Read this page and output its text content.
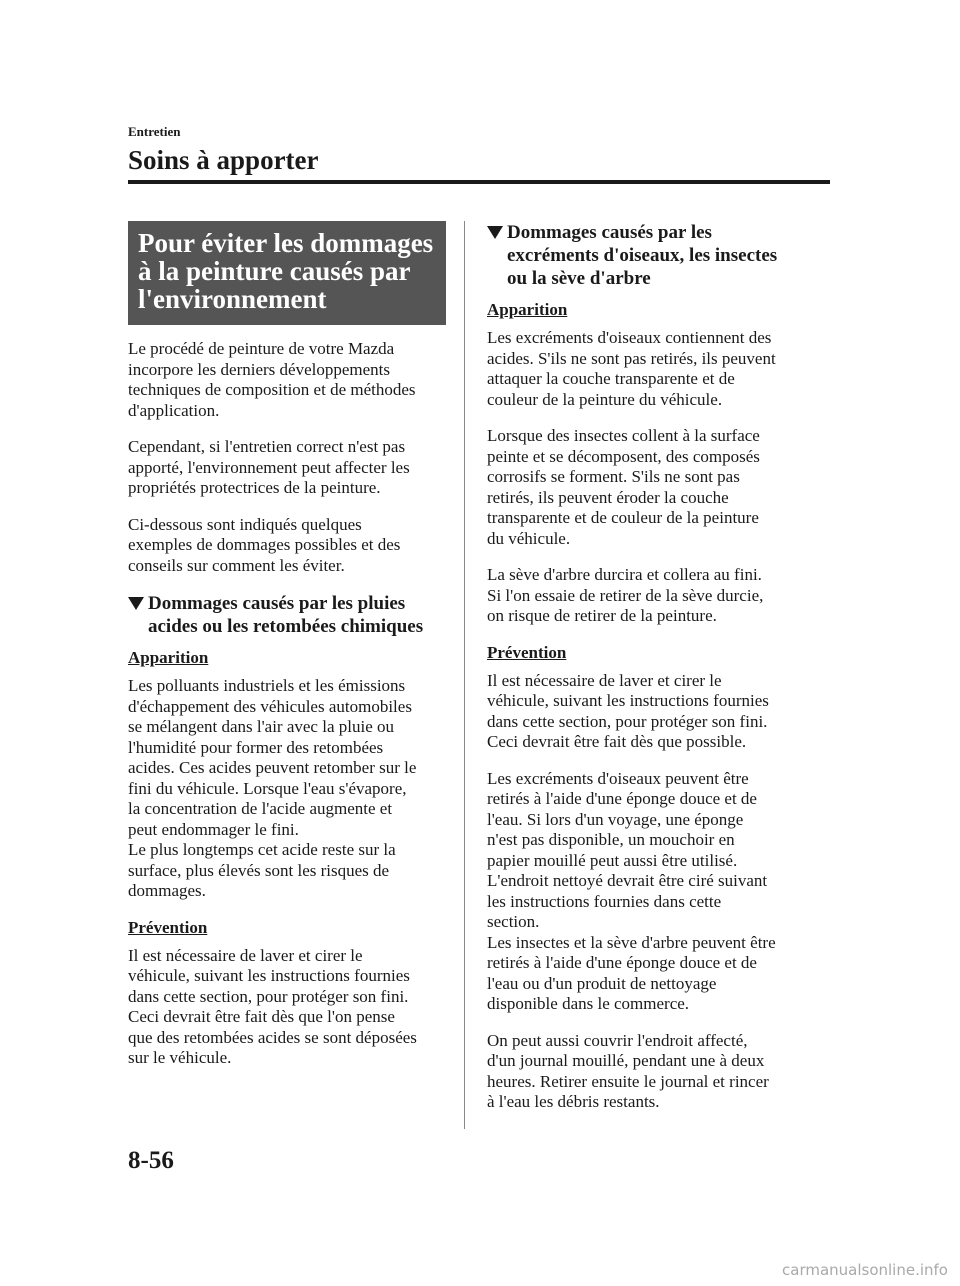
Entretien
Soins à apporter
Pour éviter les dommages
à la peinture causés par
l'environnement

Le procédé de peinture de votre Mazda
incorpore les derniers développements
techniques de composition et de méthodes
d'application.

Cependant, si l'entretien correct n'est pas
apporté, l'environnement peut affecter les
propriétés protectrices de la peinture.

Ci-dessous sont indiqués quelques
exemples de dommages possibles et des
conseils sur comment les éviter.

Dommages causés par les pluies
acides ou les retombées chimiques
Apparition

Les polluants industriels et les émissions
d'échappement des véhicules automobiles
se mélangent dans l'air avec la pluie ou
l'humidité pour former des retombées
acides. Ces acides peuvent retomber sur le
fini du véhicule. Lorsque l'eau s'évapore,
la concentration de l'acide augmente et
peut endommager le fini.
Le plus longtemps cet acide reste sur la
surface, plus élevés sont les risques de
dommages.

Prévention

Il est nécessaire de laver et cirer le
véhicule, suivant les instructions fournies
dans cette section, pour protéger son fini.
Ceci devrait être fait dès que l'on pense
que des retombées acides se sont déposées
sur le véhicule.

Dommages causés par les
excréments d'oiseaux, les insectes
ou la sève d'arbre
Apparition

Les excréments d'oiseaux contiennent des
acides. S'ils ne sont pas retirés, ils peuvent
attaquer la couche transparente et de
couleur de la peinture du véhicule.

Lorsque des insectes collent à la surface
peinte et se décomposent, des composés
corrosifs se forment. S'ils ne sont pas
retirés, ils peuvent éroder la couche
transparente et de couleur de la peinture
du véhicule.

La sève d'arbre durcira et collera au fini.
Si l'on essaie de retirer de la sève durcie,
on risque de retirer de la peinture.

Prévention

Il est nécessaire de laver et cirer le
véhicule, suivant les instructions fournies
dans cette section, pour protéger son fini.
Ceci devrait être fait dès que possible.

Les excréments d'oiseaux peuvent être
retirés à l'aide d'une éponge douce et de
l'eau. Si lors d'un voyage, une éponge
n'est pas disponible, un mouchoir en
papier mouillé peut aussi être utilisé.
L'endroit nettoyé devrait être ciré suivant
les instructions fournies dans cette
section.
Les insectes et la sève d'arbre peuvent être
retirés à l'aide d'une éponge douce et de
l'eau ou d'un produit de nettoyage
disponible dans le commerce.

On peut aussi couvrir l'endroit affecté,
d'un journal mouillé, pendant une à deux
heures. Retirer ensuite le journal et rincer
à l'eau les débris restants.

8-56
carmanualsonline.info
